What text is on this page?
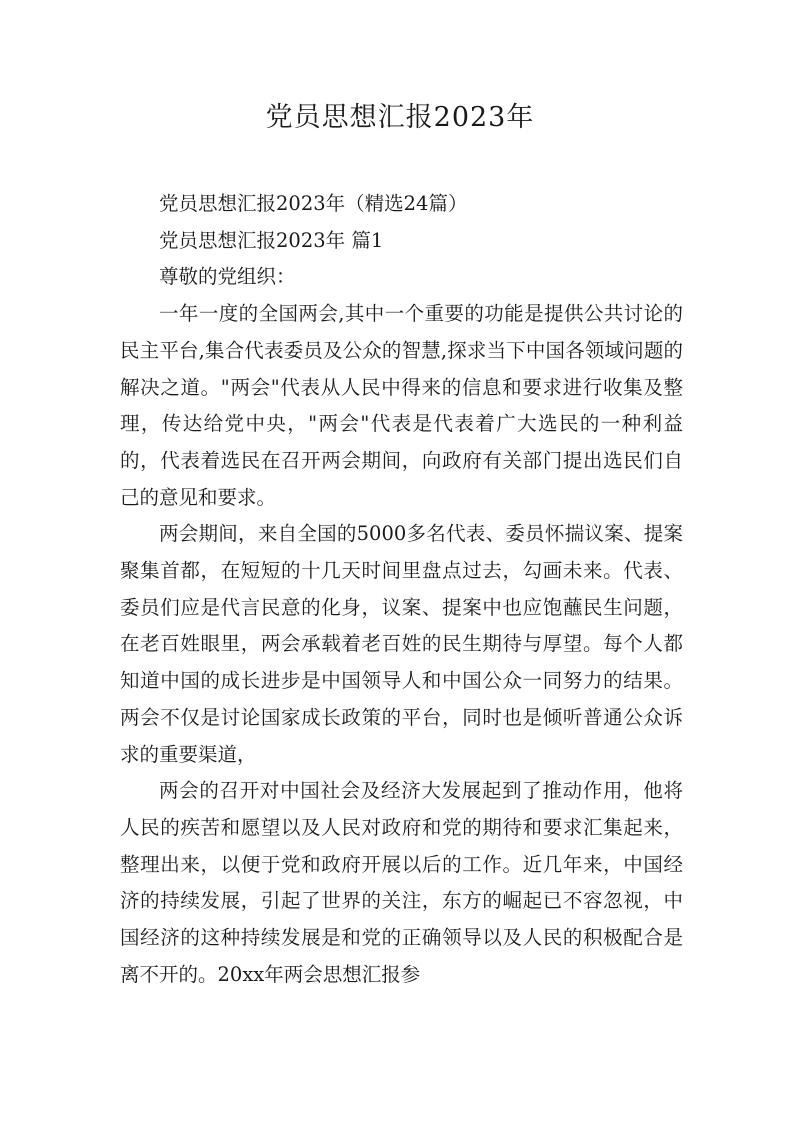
党员思想汇报2023年

党员思想汇报2023年（精选24篇）

党员思想汇报2023年 篇1

尊敬的党组织：

一年一度的全国两会,其中一个重要的功能是提供公共讨论的民主平台,集合代表委员及公众的智慧,探求当下中国各领域问题的解决之道。"两会"代表从人民中得来的信息和要求进行收集及整理，传达给党中央，"两会"代表是代表着广大选民的一种利益的，代表着选民在召开两会期间，向政府有关部门提出选民们自己的意见和要求。

两会期间，来自全国的5000多名代表、委员怀揣议案、提案聚集首都，在短短的十几天时间里盘点过去，勾画未来。代表、委员们应是代言民意的化身，议案、提案中也应饱蘸民生问题，在老百姓眼里，两会承载着老百姓的民生期待与厚望。每个人都知道中国的成长进步是中国领导人和中国公众一同努力的结果。两会不仅是讨论国家成长政策的平台，同时也是倾听普通公众诉求的重要渠道，

两会的召开对中国社会及经济大发展起到了推动作用，他将人民的疾苦和愿望以及人民对政府和党的期待和要求汇集起来，整理出来，以便于党和政府开展以后的工作。近几年来，中国经济的持续发展，引起了世界的关注，东方的崛起已不容忽视，中国经济的这种持续发展是和党的正确领导以及人民的积极配合是离不开的。20xx年两会思想汇报参
